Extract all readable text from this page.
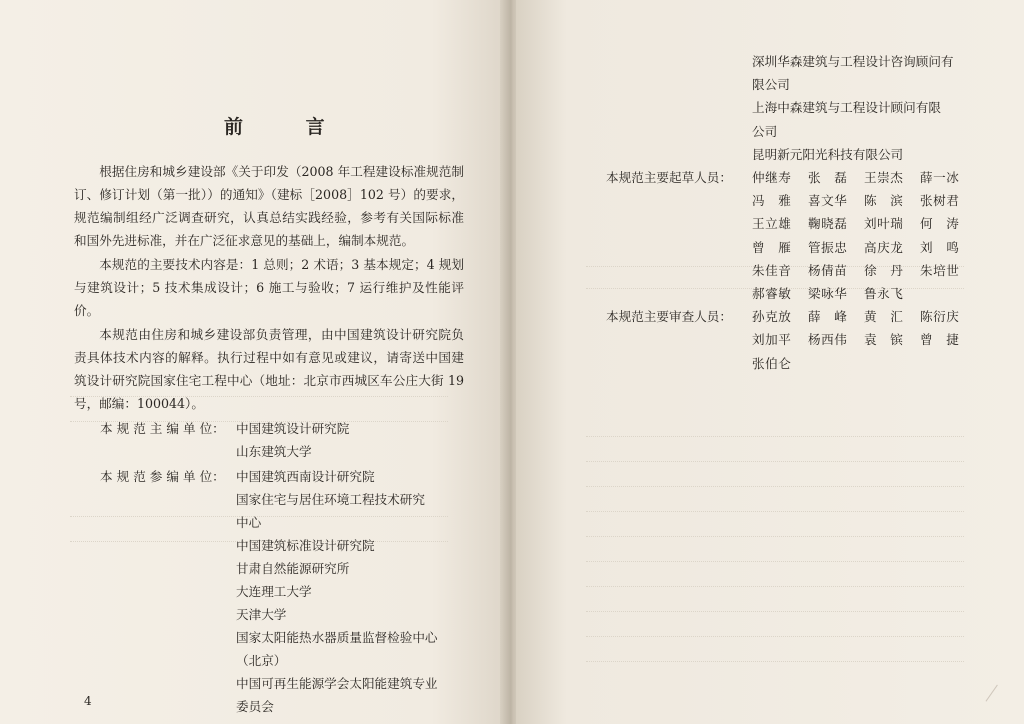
前 言

根据住房和城乡建设部《关于印发（2008 年工程建设标准规范制订、修订计划（第一批））的通知》（建标［2008］102 号）的要求，规范编制组经广泛调查研究，认真总结实践经验，参考有关国际标准和国外先进标准，并在广泛征求意见的基础上，编制本规范。

本规范的主要技术内容是：1 总则；2 术语；3 基本规定；4 规划与建筑设计；5 技术集成设计；6 施工与验收；7 运行维护及性能评价。

本规范由住房和城乡建设部负责管理，由中国建筑设计研究院负责具体技术内容的解释。执行过程中如有意见或建议，请寄送中国建筑设计研究院国家住宅工程中心（地址：北京市西城区车公庄大街 19 号，邮编：100044）。

本 规 范 主 编 单 位： 中国建筑设计研究院
山东建筑大学
本 规 范 参 编 单 位： 中国建筑西南设计研究院
国家住宅与居住环境工程技术研究
中心
中国建筑标准设计研究院
甘肃自然能源研究所
大连理工大学
天津大学
国家太阳能热水器质量监督检验中心
（北京）
中国可再生能源学会太阳能建筑专业
委员会
4
深圳华森建筑与工程设计咨询顾问有
限公司
上海中森建筑与工程设计顾问有限
公司
昆明新元阳光科技有限公司
本规范主要起草人员：	仲继寿	张　磊	王崇杰	薛一冰
冯　雅	喜文华	陈　滨	张树君
王立雄	鞠晓磊	刘叶瑞	何　涛
曾　雁	管振忠	高庆龙	刘　鸣
朱佳音	杨倩苗	徐　丹	朱培世
郝睿敏	梁咏华	鲁永飞
本规范主要审查人员：	孙克放	薛　峰	黄　汇	陈衍庆
刘加平	杨西伟	袁　镔	曾　捷
张伯仑
